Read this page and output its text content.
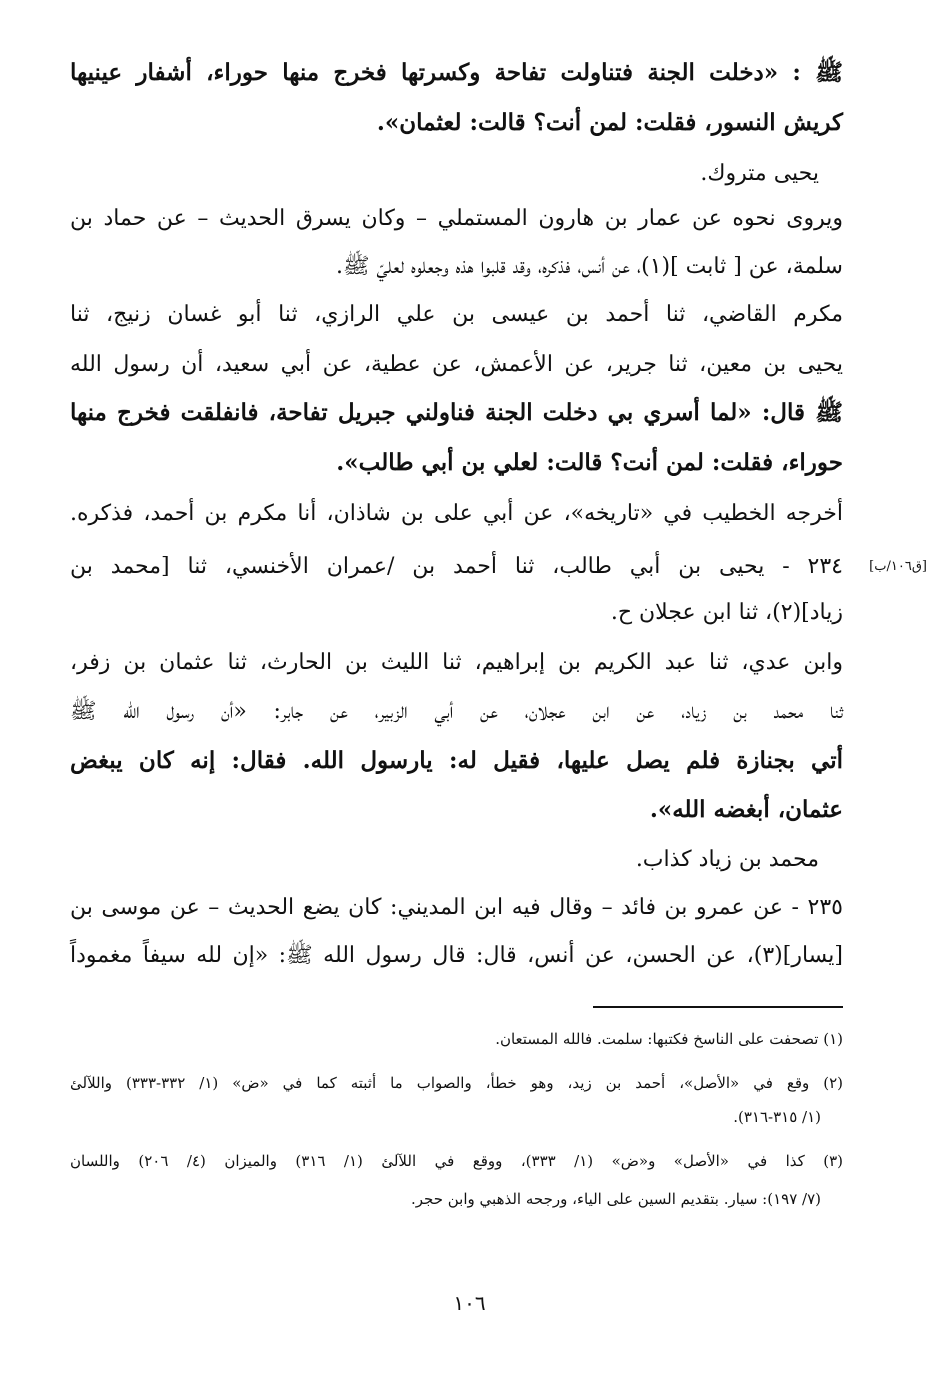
ﷺ : «دخلت الجنة فتناولت تفاحة وكسرتها فخرج منها حوراء، أشفار عينيها
كريش النسور، فقلت: لمن أنت؟ قالت: لعثمان».
يحيى متروك.
ويروى نحوه عن عمار بن هارون المستملي – وكان يسرق الحديث – عن حماد بن
سلمة، عن [ ثابت ](١)، عن أنس، فذكره، وقد قلبوا هذه وجعلوه لعليّ ﷺ.
مكرم القاضي، ثنا أحمد بن عيسى بن علي الرازي، ثنا أبو غسان زنيج، ثنا
يحيى بن معين، ثنا جرير، عن الأعمش، عن عطية، عن أبي سعيد، أن رسول الله
ﷺ قال: «لما أسري بي دخلت الجنة فناولني جبريل تفاحة، فانفلقت فخرج منها
حوراء، فقلت: لمن أنت؟ قالت: لعلي بن أبي طالب».
أخرجه الخطيب في «تاريخه»، عن أبي على بن شاذان، أنا مكرم بن أحمد، فذكره.
[ق١٠٦/ب]
٢٣٤ - يحيى بن أبي طالب، ثنا أحمد بن /عمران الأخنسي، ثنا [محمد بن
زياد](٢)، ثنا ابن عجلان ح.
وابن عدي، ثنا عبد الكريم بن إبراهيم، ثنا الليث بن الحارث، ثنا عثمان بن زفر،
ثنا محمد بن زياد، عن ابن عجلان، عن أبي الزبير، عن جابر: «أن رسول الله ﷺ
أتي بجنازة فلم يصل عليها، فقيل له: يارسول الله. فقال: إنه كان يبغض
عثمان، أبغضه الله».
محمد بن زياد كذاب.
٢٣٥ - عن عمرو بن فائد – وقال فيه ابن المديني: كان يضع الحديث – عن موسى بن
[يسار](٣)، عن الحسن، عن أنس، قال: قال رسول الله ﷺ: «إن لله سيفاً مغموداً
(١) تصحفت على الناسخ فكتبها: سلمت. فالله المستعان.
(٢) وقع في «الأصل»، أحمد بن زيد، وهو خطأ، والصواب ما أثبته كما في «ض» (١/ ٣٣٢-٣٣٣) واللآلئ
(١/ ٣١٥-٣١٦).
(٣) كذا في «الأصل» و«ض» (١/ ٣٣٣)، ووقع في اللآلئ (١/ ٣١٦) والميزان (٤/ ٢٠٦) واللسان
(٧/ ١٩٧): سيار. بتقديم السين على الياء، ورجحه الذهبي وابن حجر.
١٠٦
